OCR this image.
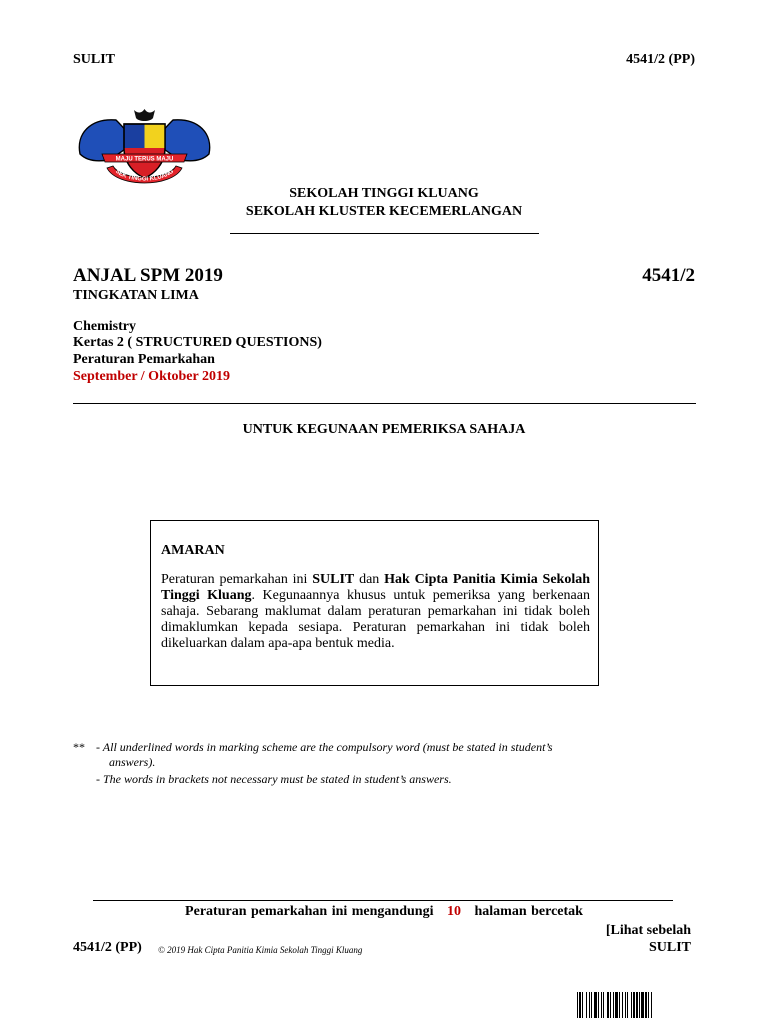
SULIT	4541/2 (PP)
MAJU TERUS MAJU
SEK TINGGI KLUANG
SEKOLAH TINGGI KLUANG
SEKOLAH KLUSTER KECEMERLANGAN
ANJAL SPM 2019	4541/2
TINGKATAN LIMA
Chemistry
Kertas 2 ( STRUCTURED QUESTIONS)
Peraturan Pemarkahan
September / Oktober 2019
UNTUK KEGUNAAN PEMERIKSA SAHAJA
AMARAN
Peraturan pemarkahan ini SULIT dan Hak Cipta Panitia Kimia Sekolah Tinggi Kluang. Kegunaannya khusus untuk pemeriksa yang berkenaan sahaja. Sebarang maklumat dalam peraturan pemarkahan ini tidak boleh dimaklumkan kepada sesiapa. Peraturan pemarkahan ini tidak boleh dikeluarkan dalam apa-apa bentuk media.
** - All underlined words in marking scheme are the compulsory word (must be stated in student’s
answers).
- The words in brackets not necessary must be stated in student’s answers.
Peraturan pemarkahan ini mengandungi 10 halaman bercetak
[Lihat sebelah
4541/2 (PP) © 2019 Hak Cipta Panitia Kimia Sekolah Tinggi Kluang	SULIT
